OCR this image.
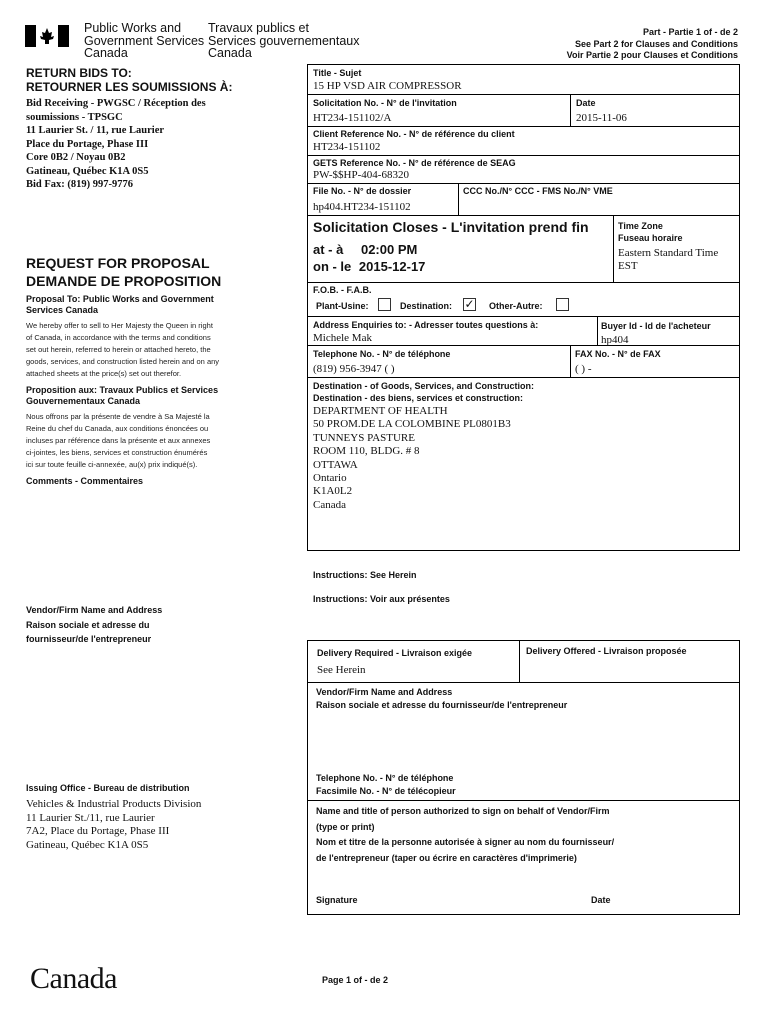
Public Works and
Government Services
Canada
Travaux publics et
Services gouvernementaux
Canada
Part - Partie 1 of - de 2
See Part 2 for Clauses and Conditions
Voir Partie 2 pour Clauses et Conditions
RETURN BIDS TO:
RETOURNER LES SOUMISSIONS À:
Bid Receiving - PWGSC / Réception des
soumissions - TPSGC
11 Laurier St. / 11, rue Laurier
Place du Portage, Phase III
Core 0B2 / Noyau 0B2
Gatineau, Québec K1A 0S5
Bid Fax: (819) 997-9776
REQUEST FOR PROPOSAL
DEMANDE DE PROPOSITION
Proposal To: Public Works and Government
Services Canada
We hereby offer to sell to Her Majesty the Queen in right
of Canada, in accordance with the terms and conditions
set out herein, referred to herein or attached hereto, the
goods, services, and construction listed herein and on any
attached sheets at the price(s) set out therefor.
Proposition aux: Travaux Publics et Services
Gouvernementaux Canada
Nous offrons par la présente de vendre à Sa Majesté la
Reine du chef du Canada, aux conditions énoncées ou
incluses par référence dans la présente et aux annexes
ci-jointes, les biens, services et construction énumérés
ici sur toute feuille ci-annexée, au(x) prix indiqué(s).
Comments - Commentaires
Vendor/Firm Name and Address
Raison sociale et adresse du
fournisseur/de l'entrepreneur
Issuing Office - Bureau de distribution
Vehicles & Industrial Products Division
11 Laurier St./11, rue Laurier
7A2, Place du Portage, Phase III
Gatineau, Québec K1A 0S5
Title - Sujet
15 HP VSD AIR COMPRESSOR
Solicitation No. - N° de l'invitation
HT234-151102/A
Date
2015-11-06
Client Reference No. - N° de référence du client
HT234-151102
GETS Reference No. - N° de référence de SEAG
PW-$$HP-404-68320
File No. - N° de dossier
hp404.HT234-151102
CCC No./N° CCC - FMS No./N° VME
Solicitation Closes - L'invitation prend fin
at - à 02:00 PM
on - le 2015-12-17
Time Zone
Fuseau horaire
Eastern Standard Time
EST
F.O.B. - F.A.B.
Plant-Usine:	Destination: ✓ Other-Autre:
Address Enquiries to: - Adresser toutes questions à:
Michele Mak
Buyer Id - Id de l'acheteur
hp404
Telephone No. - N° de téléphone
(819) 956-3947 ( )
FAX No. - N° de FAX
( ) -
Destination - of Goods, Services, and Construction:
Destination - des biens, services et construction:
DEPARTMENT OF HEALTH
50 PROM.DE LA COLOMBINE PL0801B3
TUNNEYS PASTURE
ROOM 110, BLDG. # 8
OTTAWA
Ontario
K1A0L2
Canada
Instructions: See Herein
Instructions: Voir aux présentes
Delivery Required - Livraison exigée
See Herein
Delivery Offered - Livraison proposée
Vendor/Firm Name and Address
Raison sociale et adresse du fournisseur/de l'entrepreneur
Telephone No. - N° de téléphone
Facsimile No. - N° de télécopieur
Name and title of person authorized to sign on behalf of Vendor/Firm
(type or print)
Nom et titre de la personne autorisée à signer au nom du fournisseur/
de l'entrepreneur (taper ou écrire en caractères d'imprimerie)
Signature	Date
Canada	Page 1 of - de 2
